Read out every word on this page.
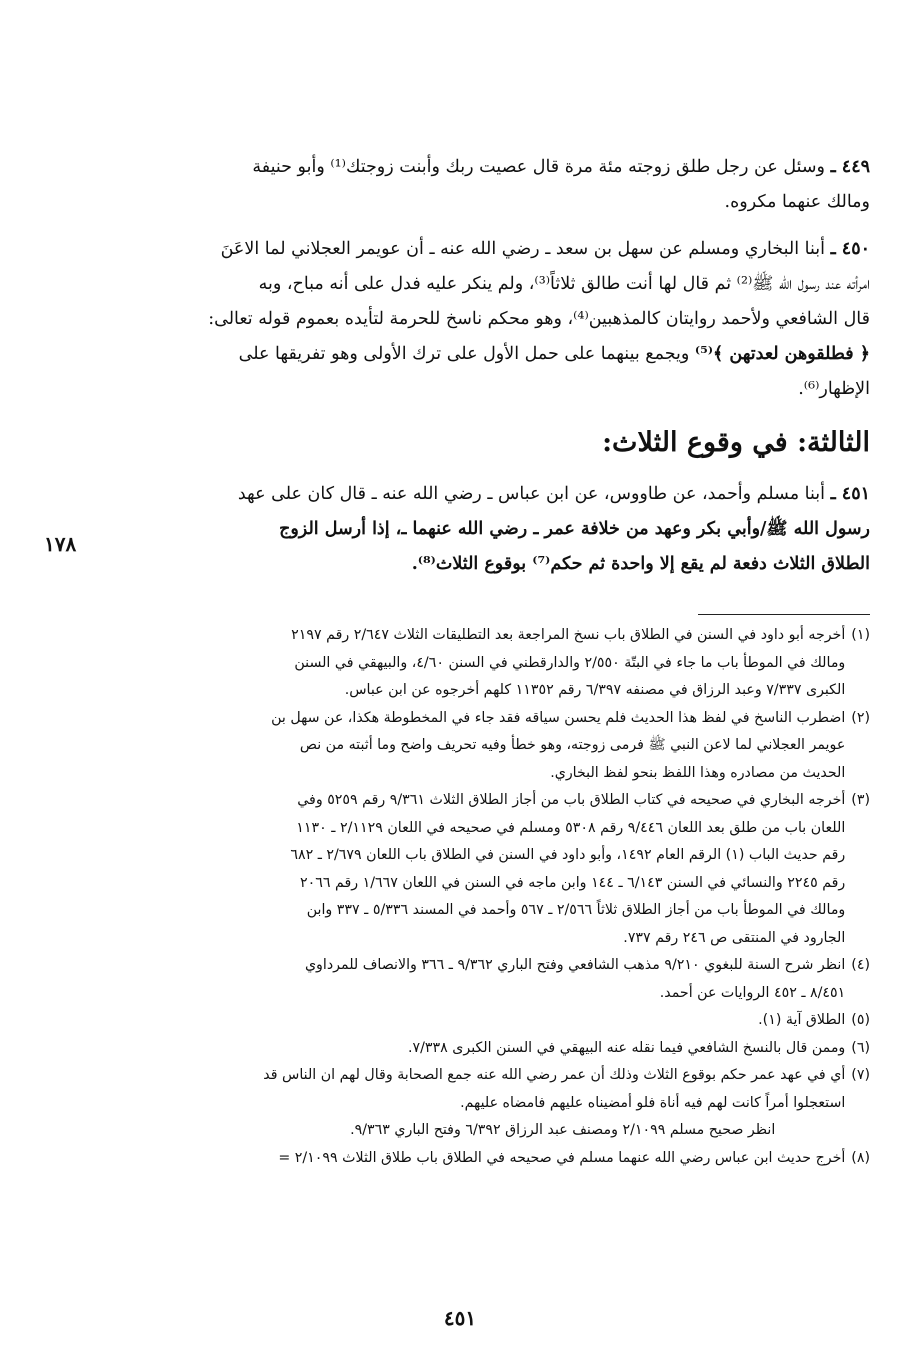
٤٤٩ ـ وسئل عن رجل طلق زوجته مئة مرة قال عصيت ربك وأبنت زوجتك⁽¹⁾ وأبو حنيفة

ومالك عنهما مكروه.

٤٥٠ ـ أبنا البخاري ومسلم عن سهل بن سعد ـ رضي الله عنه ـ أن عويمر العجلاني لما الاعَنَ

امرأته عند رسول الله ﷺ⁽²⁾ ثم قال لها أنت طالق ثلاثاً⁽³⁾، ولم ينكر عليه فدل على أنه مباح، وبه

قال الشافعي ولأحمد روايتان كالمذهبين⁽⁴⁾، وهو محكم ناسخ للحرمة لتأيده بعموم قوله تعالى:

﴿ فطلقوهن لعدتهن ﴾⁽⁵⁾ ويجمع بينهما على حمل الأول على ترك الأولى وهو تفريقها على

الإظهار⁽⁶⁾.

الثالثة: في وقوع الثلاث:

٤٥١ ـ أبنا مسلم وأحمد، عن طاووس، عن ابن عباس ـ رضي الله عنه ـ قال كان على عهد

رسول الله ﷺ/وأبي بكر وعهد من خلافة عمر ـ رضي الله عنهما ـ، إذا أرسل الزوج

الطلاق الثلاث دفعة لم يقع إلا واحدة ثم حكم⁽⁷⁾ بوقوع الثلاث⁽⁸⁾.

١٧٨
(١)

أخرجه أبو داود في السنن في الطلاق باب نسخ المراجعة بعد التطليقات الثلاث ٢/٦٤٧ رقم ٢١٩٧

ومالك في الموطأ باب ما جاء في البتّة ٢/٥٥٠ والدارقطني في السنن ٤/٦٠، والبيهقي في السنن

الكبرى ٧/٣٣٧ وعبد الرزاق في مصنفه ٦/٣٩٧ رقم ١١٣٥٢ كلهم أخرجوه عن ابن عباس.

(٢)

اضطرب الناسخ في لفظ هذا الحديث فلم يحسن سياقه فقد جاء في المخطوطة هكذا، عن سهل بن

عويمر العجلاني لما لاعن النبي ﷺ فرمى زوجته، وهو خطأ وفيه تحريف واضح وما أثبته من نص

الحديث من مصادره وهذا اللفظ بنحو لفظ البخاري.

(٣)

أخرجه البخاري في صحيحه في كتاب الطلاق باب من أجاز الطلاق الثلاث ٩/٣٦١ رقم ٥٢٥٩ وفي

اللعان باب من طلق بعد اللعان ٩/٤٤٦ رقم ٥٣٠٨ ومسلم في صحيحه في اللعان ٢/١١٢٩ ـ ١١٣٠

رقم حديث الباب (١) الرقم العام ١٤٩٢، وأبو داود في السنن في الطلاق باب اللعان ٢/٦٧٩ ـ ٦٨٢

رقم ٢٢٤٥ والنسائي في السنن ٦/١٤٣ ـ ١٤٤ وابن ماجه في السنن في اللعان ١/٦٦٧ رقم ٢٠٦٦

ومالك في الموطأ باب من أجاز الطلاق ثلاثاً ٢/٥٦٦ ـ ٥٦٧ وأحمد في المسند ٥/٣٣٦ ـ ٣٣٧ وابن

الجارود في المنتقى ص ٢٤٦ رقم ٧٣٧.

(٤)

انظر شرح السنة للبغوي ٩/٢١٠ مذهب الشافعي وفتح الباري ٩/٣٦٢ ـ ٣٦٦ والانصاف للمرداوي

٨/٤٥١ ـ ٤٥٢ الروايات عن أحمد.

(٥)

الطلاق آية (١).

(٦)

وممن قال بالنسخ الشافعي فيما نقله عنه البيهقي في السنن الكبرى ٧/٣٣٨.

(٧)

أي في عهد عمر حكم بوقوع الثلاث وذلك أن عمر رضي الله عنه جمع الصحابة وقال لهم ان الناس قد

استعجلوا أمراً كانت لهم فيه أناة فلو أمضيناه عليهم فامضاه عليهم.

انظر صحيح مسلم ٢/١٠٩٩ ومصنف عبد الرزاق ٦/٣٩٢ وفتح الباري ٩/٣٦٣.

(٨)

أخرج حديث ابن عباس رضي الله عنهما مسلم في صحيحه في الطلاق باب طلاق الثلاث ٢/١٠٩٩ =

٤٥١
